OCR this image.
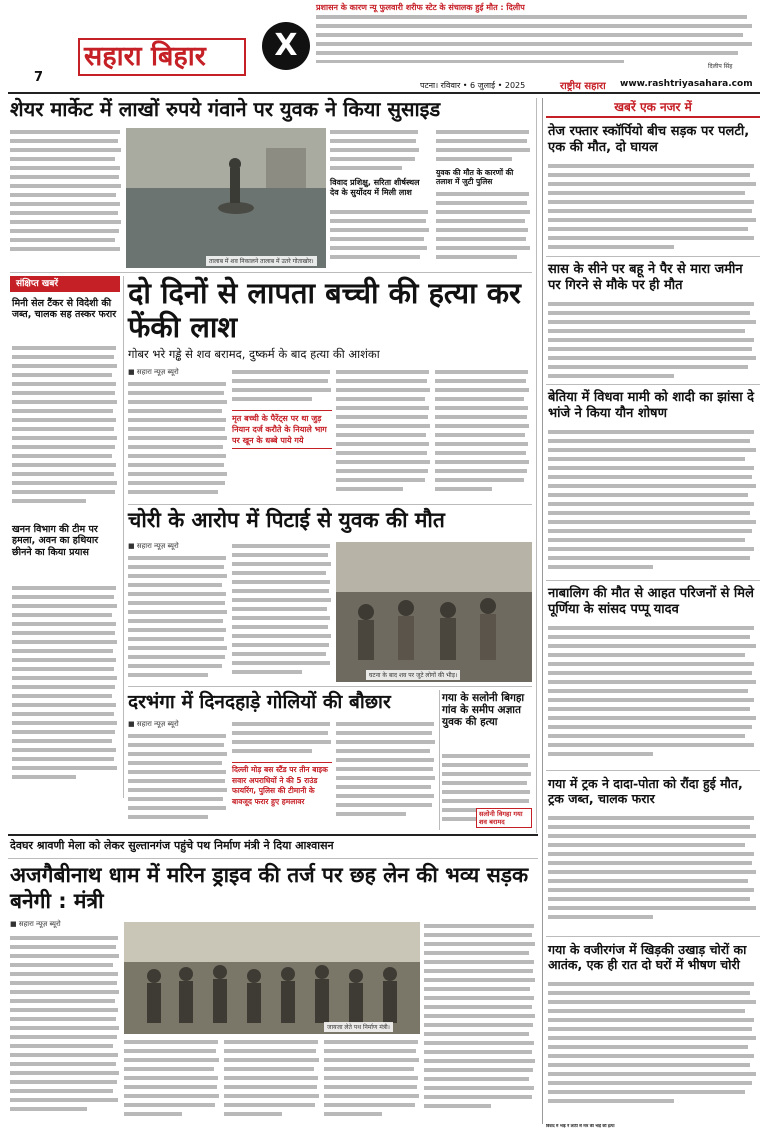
सहारा बिहार
7
X
प्रशासन के कारण न्यू फुलवारी शरीफ स्टेट के संचालक हुई मौत : दिलीप
दिलीप सिंह
पटना। रविवार • 6 जुलाई • 2025	राष्ट्रीय सहारा www.rashtriyasahara.com
शेयर मार्केट में लाखों रुपये गंवाने पर युवक ने किया सुसाइड
तालाब में शव निकालने तालाब में उतरे गोताखोर।
विवाद प्रशिक्षु, सरिता शीर्षस्थल देव के सुर्योदय में मिली लाश
युवक की मौत के कारणों की तलाश में जुटी पुलिस
संक्षिप्त खबरें
मिनी सेल टैंकर से विदेशी की जब्त, चालक सह तस्कर फरार
खनन विभाग की टीम पर हमला, अवन का हथियार छीनने का किया प्रयास
दो दिनों से लापता बच्ची की हत्या कर फेंकी लाश
गोबर भरे गड्ढे से शव बरामद, दुष्कर्म के बाद हत्या की आशंका
■ सहारा न्यूज़ ब्यूरो
मृत बच्ची के पैरेंट्स पर था जुड़ नियान दर्ज करौते के नियाले भाग पर खून के धब्बे पाये गये
चोरी के आरोप में पिटाई से युवक की मौत
■ सहारा न्यूज़ ब्यूरो
घटना के बाद शव पर जुटे लोगों की भीड़।
दरभंगा में दिनदहाड़े गोलियों की बौछार
■ सहारा न्यूज़ ब्यूरो
दिल्ली मोड़ बस स्टैंड पर तीन बाइक सवार अपराधियों ने की 5 राउंड फायरिंग, पुलिस की टीमानी के बावजूद फरार हुए हमलावर
गया के सलोनी बिगहा गांव के समीप अज्ञात युवक की हत्या
खबरें एक नजर में
तेज रफ्तार स्कॉर्पियो बीच सड़क पर पलटी, एक की मौत, दो घायल
सास के सीने पर बहू ने पैर से मारा जमीन पर गिरने से मौके पर ही मौत
बेतिया में विधवा मामी को शादी का झांसा दे भांजे ने किया यौन शोषण
नाबालिग की मौत से आहत परिजनों से मिले पूर्णिया के सांसद पप्पू यादव
गया में ट्रक ने दादा-पोता को रौंदा हुई मौत, ट्रक जब्त, चालक फरार
गया के वजीरगंज में खिड़की उखाड़ चोरों का आतंक, एक ही रात दो घरों में भीषण चोरी
देवघर श्रावणी मेला को लेकर सुल्तानगंज पहुंचे पथ निर्माण मंत्री ने दिया आश्वासन
अजगैबीनाथ धाम में मरिन ड्राइव की तर्ज पर छह लेन की भव्य सड़क बनेगी : मंत्री
■ सहारा न्यूज़ ब्यूरो
जायजा लेते पथ निर्माण मंत्री।
विवाद में भाई ने लाठी से मार की भाई की हत्या
सलोनी विगहा गया शव बरामद
